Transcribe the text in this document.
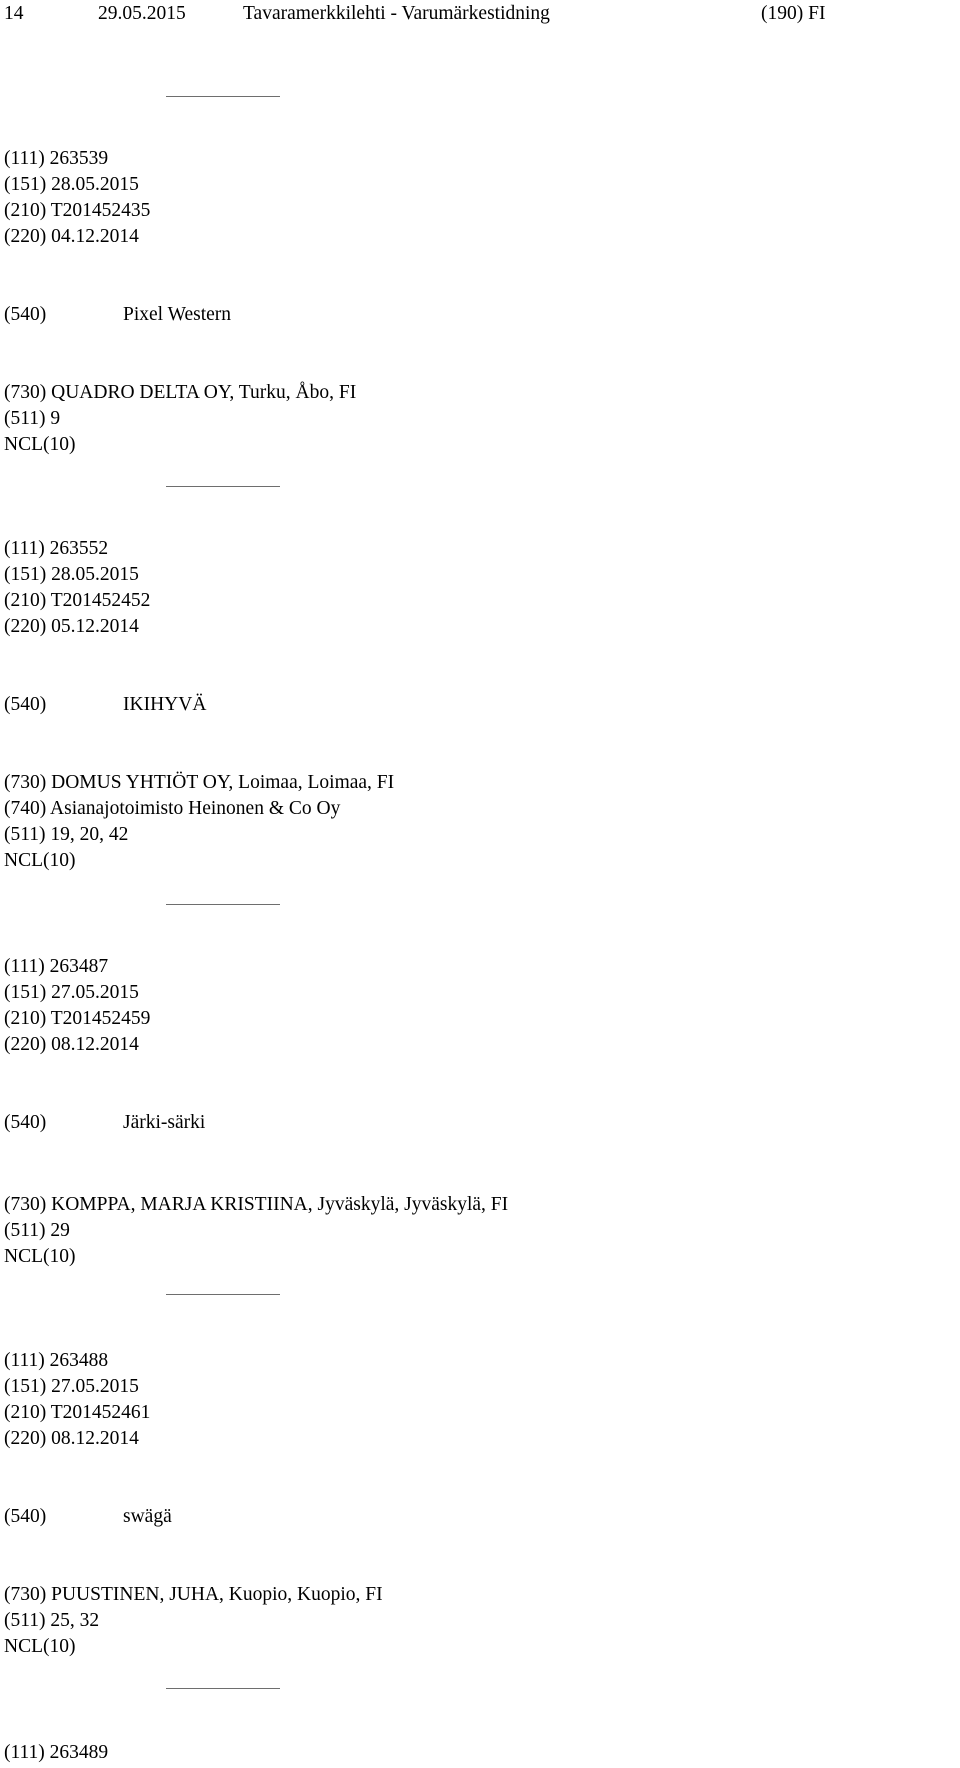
14	29.05.2015	Tavaramerkkilehti - Varumärkestidning	(190) FI
(111) 263539
(151) 28.05.2015
(210) T201452435
(220) 04.12.2014
(540)	Pixel Western
(730) QUADRO DELTA OY, Turku, Åbo, FI
(511) 9
NCL(10)
(111) 263552
(151) 28.05.2015
(210) T201452452
(220) 05.12.2014
(540)	IKIHYVÄ
(730) DOMUS YHTIÖT OY, Loimaa, Loimaa, FI
(740) Asianajotoimisto Heinonen & Co Oy
(511) 19, 20, 42
NCL(10)
(111) 263487
(151) 27.05.2015
(210) T201452459
(220) 08.12.2014
(540)	Järki-särki
(730) KOMPPA, MARJA KRISTIINA, Jyväskylä, Jyväskylä, FI
(511) 29
NCL(10)
(111) 263488
(151) 27.05.2015
(210) T201452461
(220) 08.12.2014
(540)	swägä
(730) PUUSTINEN, JUHA, Kuopio, Kuopio, FI
(511) 25, 32
NCL(10)
(111) 263489
